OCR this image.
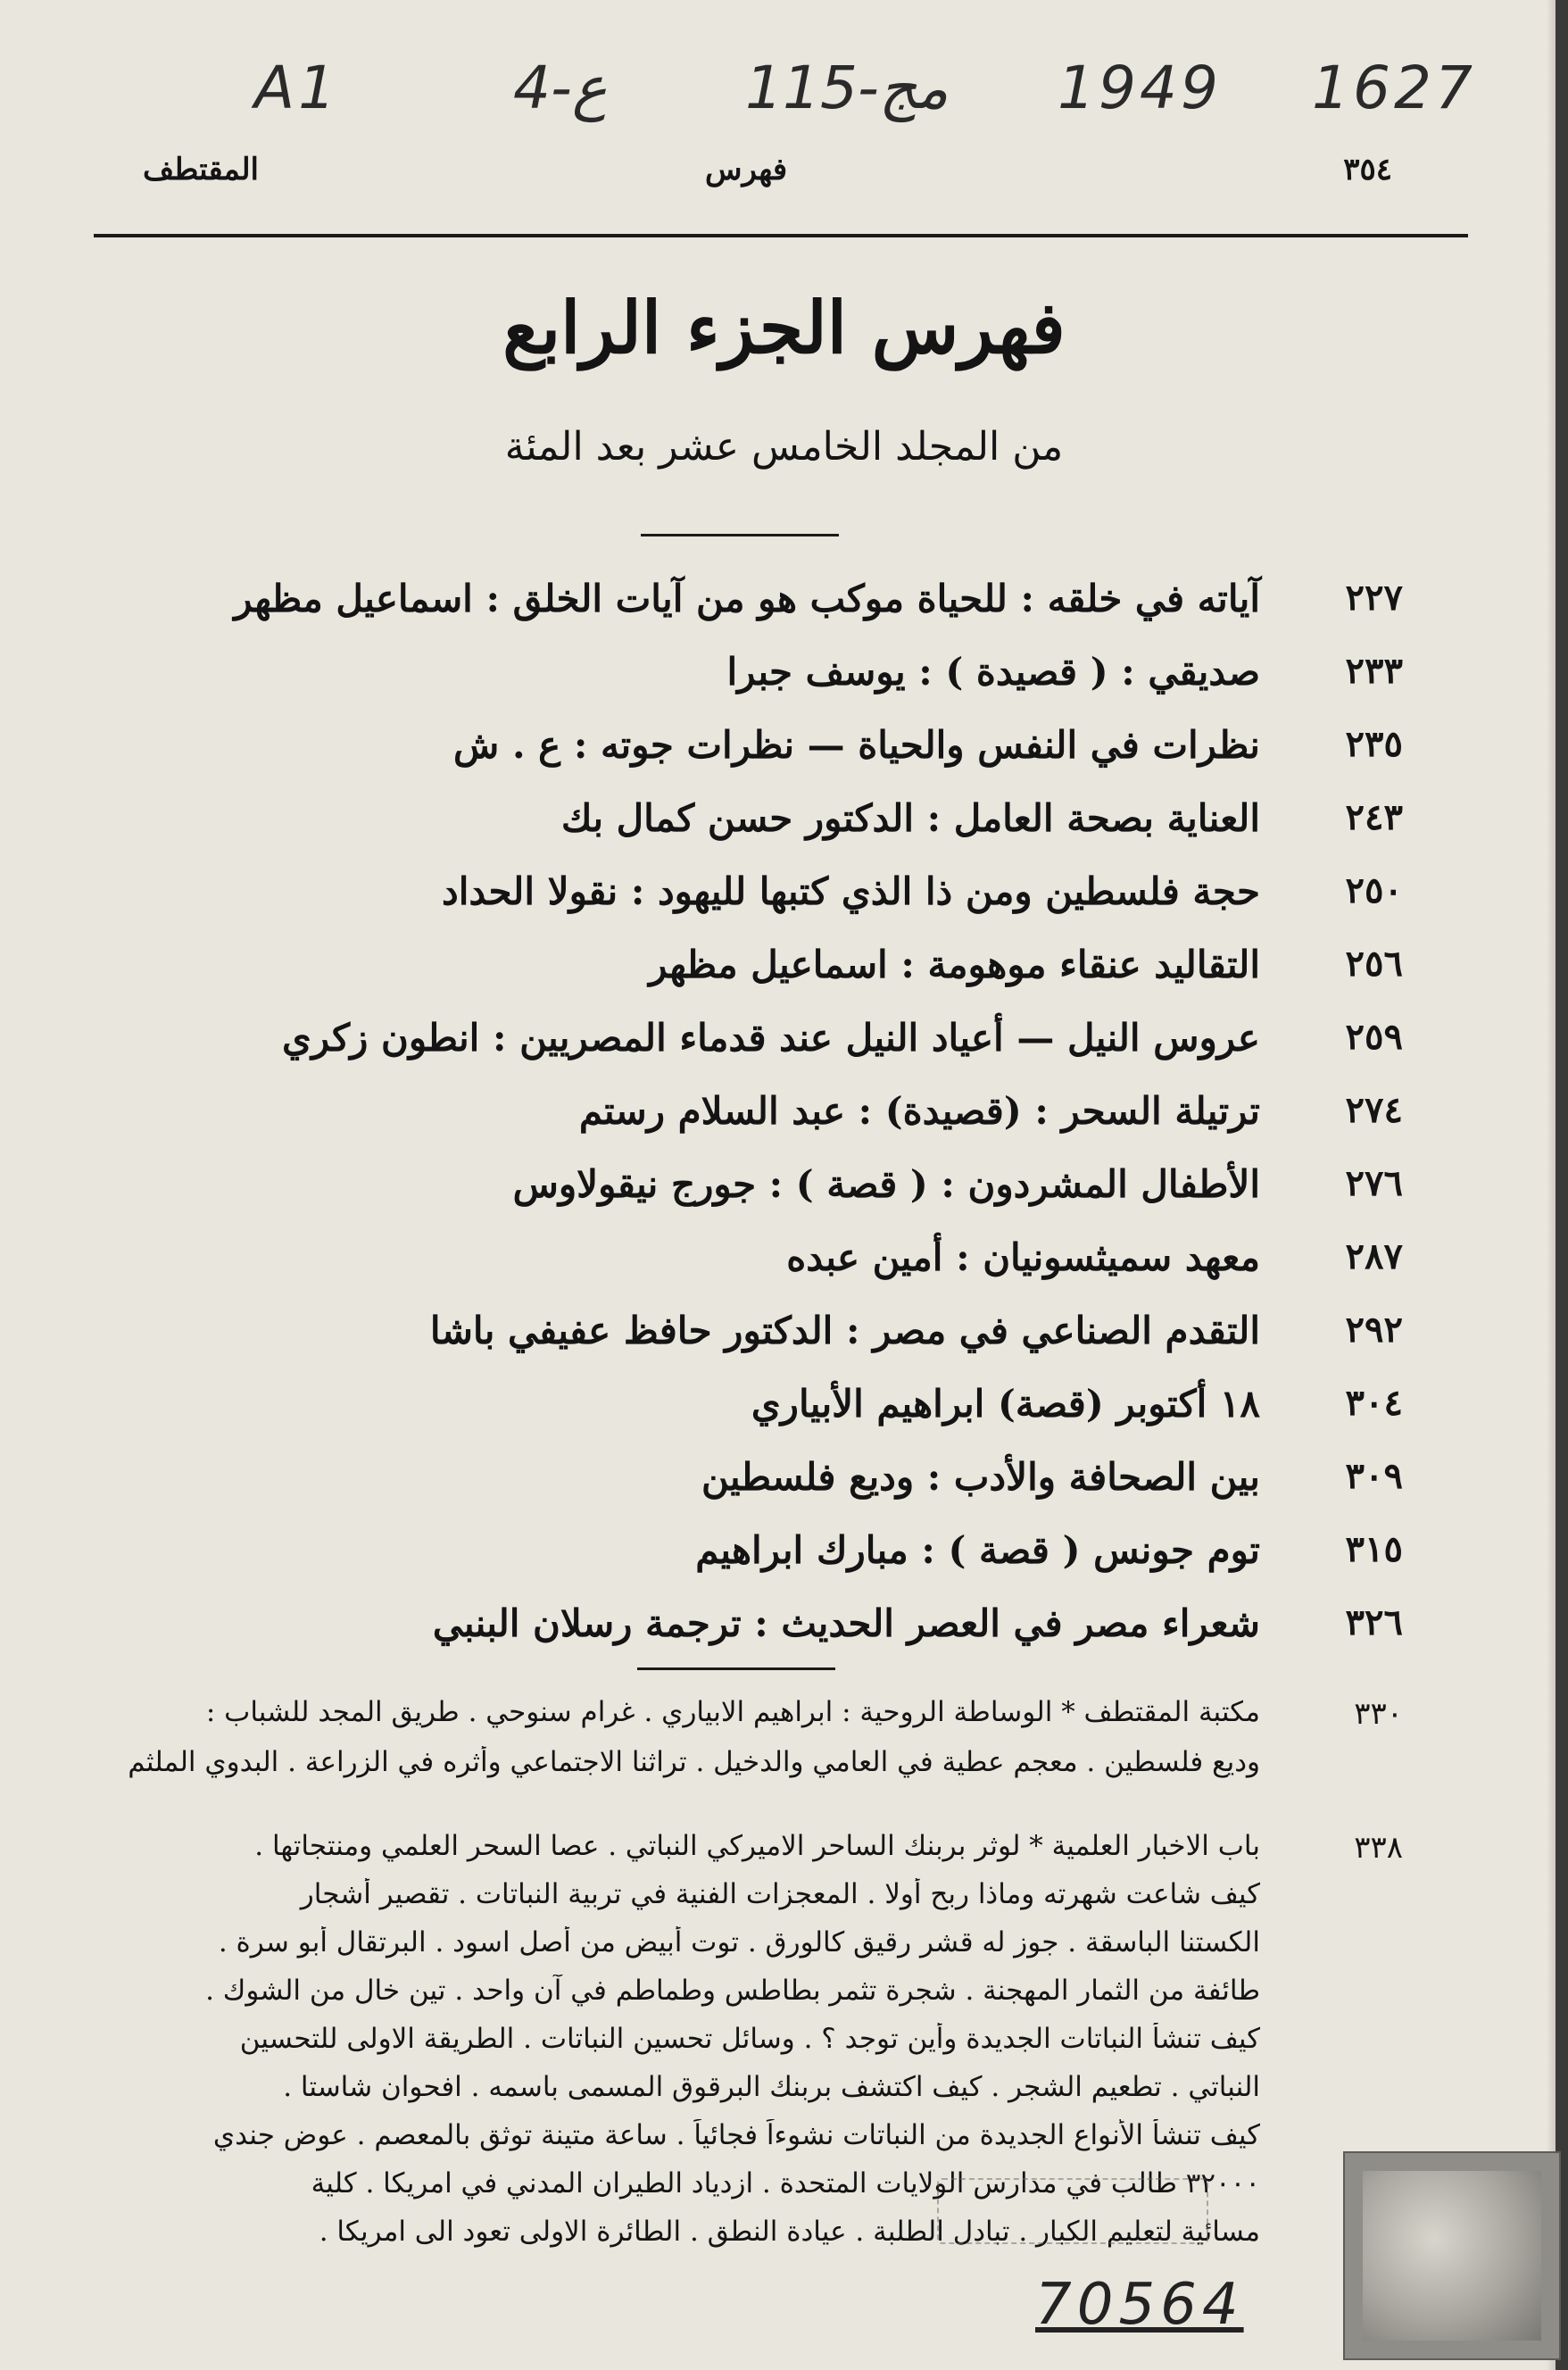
A1	4-ع 115-مج 1949 1627
٣٥٤
فهرس
المقتطف
فهرس الجزء الرابع
من المجلد الخامس عشر بعد المئة
٢٢٧
آياته في خلقه : للحياة موكب هو من آيات الخلق : اسماعيل مظهر
٢٣٣
صديقي : ( قصيدة ) : يوسف جبرا
٢٣٥
نظرات في النفس والحياة — نظرات جوته : ع . ش
٢٤٣
العناية بصحة العامل : الدكتور حسن كمال بك
٢٥٠
حجة فلسطين ومن ذا الذي كتبها لليهود : نقولا الحداد
٢٥٦
التقاليد عنقاء موهومة : اسماعيل مظهر
٢٥٩
عروس النيل — أعياد النيل عند قدماء المصريين : انطون زكري
٢٧٤
ترتيلة السحر : (قصيدة) : عبد السلام رستم
٢٧٦
الأطفال المشردون : ( قصة ) : جورج نيقولاوس
٢٨٧
معهد سميثسونيان : أمين عبده
٢٩٢
التقدم الصناعي في مصر : الدكتور حافظ عفيفي باشا
٣٠٤
١٨ أكتوبر (قصة) ابراهيم الأبياري
٣٠٩
بين الصحافة والأدب : وديع فلسطين
٣١٥
توم جونس ( قصة ) : مبارك ابراهيم
٣٢٦
شعراء مصر في العصر الحديث : ترجمة رسلان البنبي
٣٣٠
مكتبة المقتطف * الوساطة الروحية : ابراهيم الابياري . غرام سنوحي . طريق المجد للشباب :
وديع فلسطين . معجم عطية في العامي والدخيل . تراثنا الاجتماعي وأثره في الزراعة . البدوي الملثم
٣٣٨
باب الاخبار العلمية * لوثر بربنك الساحر الاميركي النباتي . عصا السحر العلمي ومنتجاتها .
كيف شاعت شهرته وماذا ربح أولا . المعجزات الفنية في تربية النباتات . تقصير أشجار
الكستنا الباسقة . جوز له قشر رقيق كالورق . توت أبيض من أصل اسود . البرتقال أبو سرة .
طائفة من الثمار المهجنة . شجرة تثمر بطاطس وطماطم في آن واحد . تين خال من الشوك .
كيف تنشأ النباتات الجديدة وأين توجد ؟ . وسائل تحسين النباتات . الطريقة الاولى للتحسين
النباتي . تطعيم الشجر . كيف اكتشف بربنك البرقوق المسمى باسمه . افحوان شاستا .
كيف تنشأ الأنواع الجديدة من النباتات نشوءاً فجائياً . ساعة متينة توثق بالمعصم . عوض جندي
٣٢٠٠٠ طالب في مدارس الولايات المتحدة . ازدياد الطيران المدني في امريكا . كلية
مسائية لتعليم الكبار . تبادل الطلبة . عيادة النطق . الطائرة الاولى تعود الى امريكا .
70564
